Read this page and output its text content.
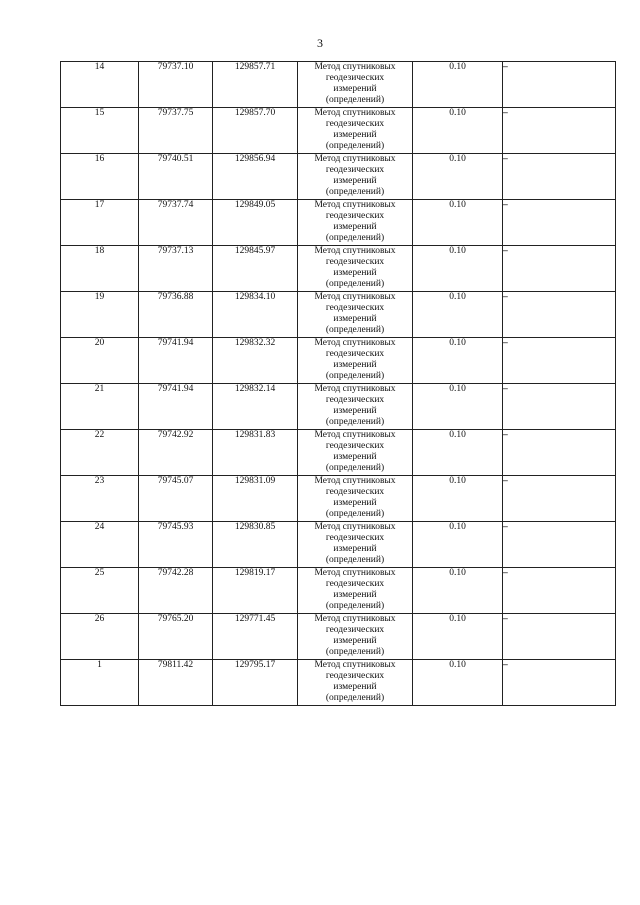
3
14	79737.10	129857.71	Метод спутниковых
геодезических
измерений
(определений)	0.10	–
15	79737.75	129857.70	Метод спутниковых
геодезических
измерений
(определений)	0.10	–
16	79740.51	129856.94	Метод спутниковых
геодезических
измерений
(определений)	0.10	–
17	79737.74	129849.05	Метод спутниковых
геодезических
измерений
(определений)	0.10	–
18	79737.13	129845.97	Метод спутниковых
геодезических
измерений
(определений)	0.10	–
19	79736.88	129834.10	Метод спутниковых
геодезических
измерений
(определений)	0.10	–
20	79741.94	129832.32	Метод спутниковых
геодезических
измерений
(определений)	0.10	–
21	79741.94	129832.14	Метод спутниковых
геодезических
измерений
(определений)	0.10	–
22	79742.92	129831.83	Метод спутниковых
геодезических
измерений
(определений)	0.10	–
23	79745.07	129831.09	Метод спутниковых
геодезических
измерений
(определений)	0.10	–
24	79745.93	129830.85	Метод спутниковых
геодезических
измерений
(определений)	0.10	–
25	79742.28	129819.17	Метод спутниковых
геодезических
измерений
(определений)	0.10	–
26	79765.20	129771.45	Метод спутниковых
геодезических
измерений
(определений)	0.10	–
1	79811.42	129795.17	Метод спутниковых
геодезических
измерений
(определений)	0.10	–
